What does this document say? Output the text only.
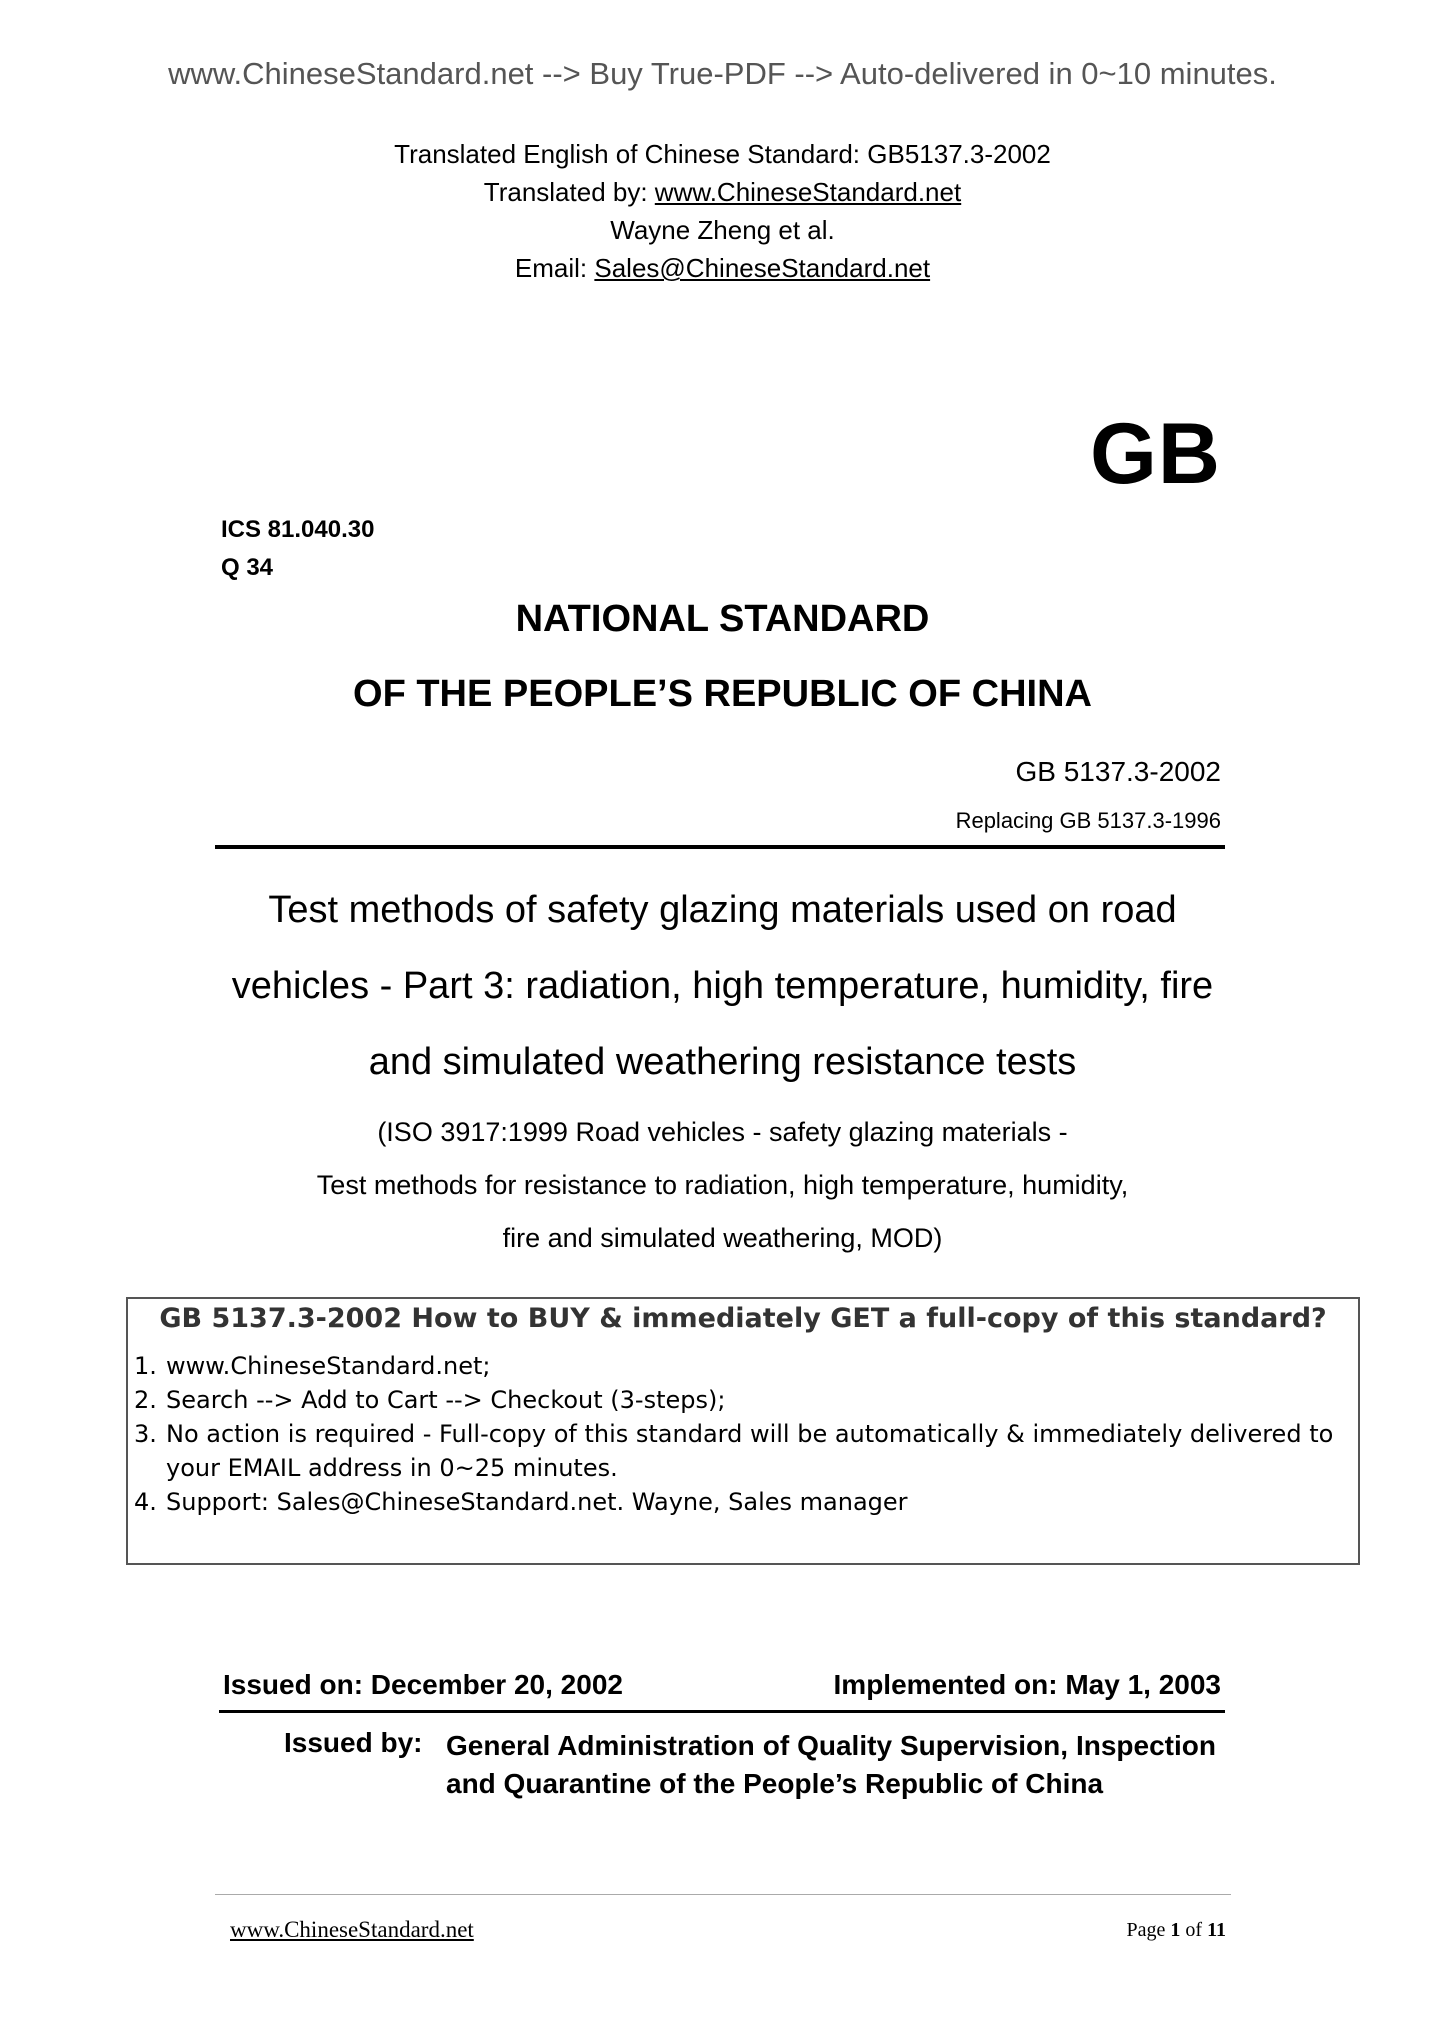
www.ChineseStandard.net --> Buy True-PDF --> Auto-delivered in 0~10 minutes.
Translated English of Chinese Standard: GB5137.3-2002
Translated by: www.ChineseStandard.net
Wayne Zheng et al.
Email: Sales@ChineseStandard.net
GB
ICS 81.040.30
Q 34
NATIONAL STANDARD
OF THE PEOPLE’S REPUBLIC OF CHINA
GB 5137.3-2002
Replacing GB 5137.3-1996
Test methods of safety glazing materials used on road
vehicles - Part 3: radiation, high temperature, humidity, fire
and simulated weathering resistance tests
(ISO 3917:1999 Road vehicles - safety glazing materials -
Test methods for resistance to radiation, high temperature, humidity,
fire and simulated weathering, MOD)
GB 5137.3-2002 How to BUY & immediately GET a full-copy of this standard?
1. www.ChineseStandard.net;
2. Search --> Add to Cart --> Checkout (3-steps);
3. No action is required - Full-copy of this standard will be automatically & immediately delivered to your EMAIL address in 0~25 minutes.
4. Support: Sales@ChineseStandard.net. Wayne, Sales manager
Issued on: December 20, 2002	Implemented on: May 1, 2003
Issued by: General Administration of Quality Supervision, Inspection and Quarantine of the People’s Republic of China
www.ChineseStandard.net	Page 1 of 11
